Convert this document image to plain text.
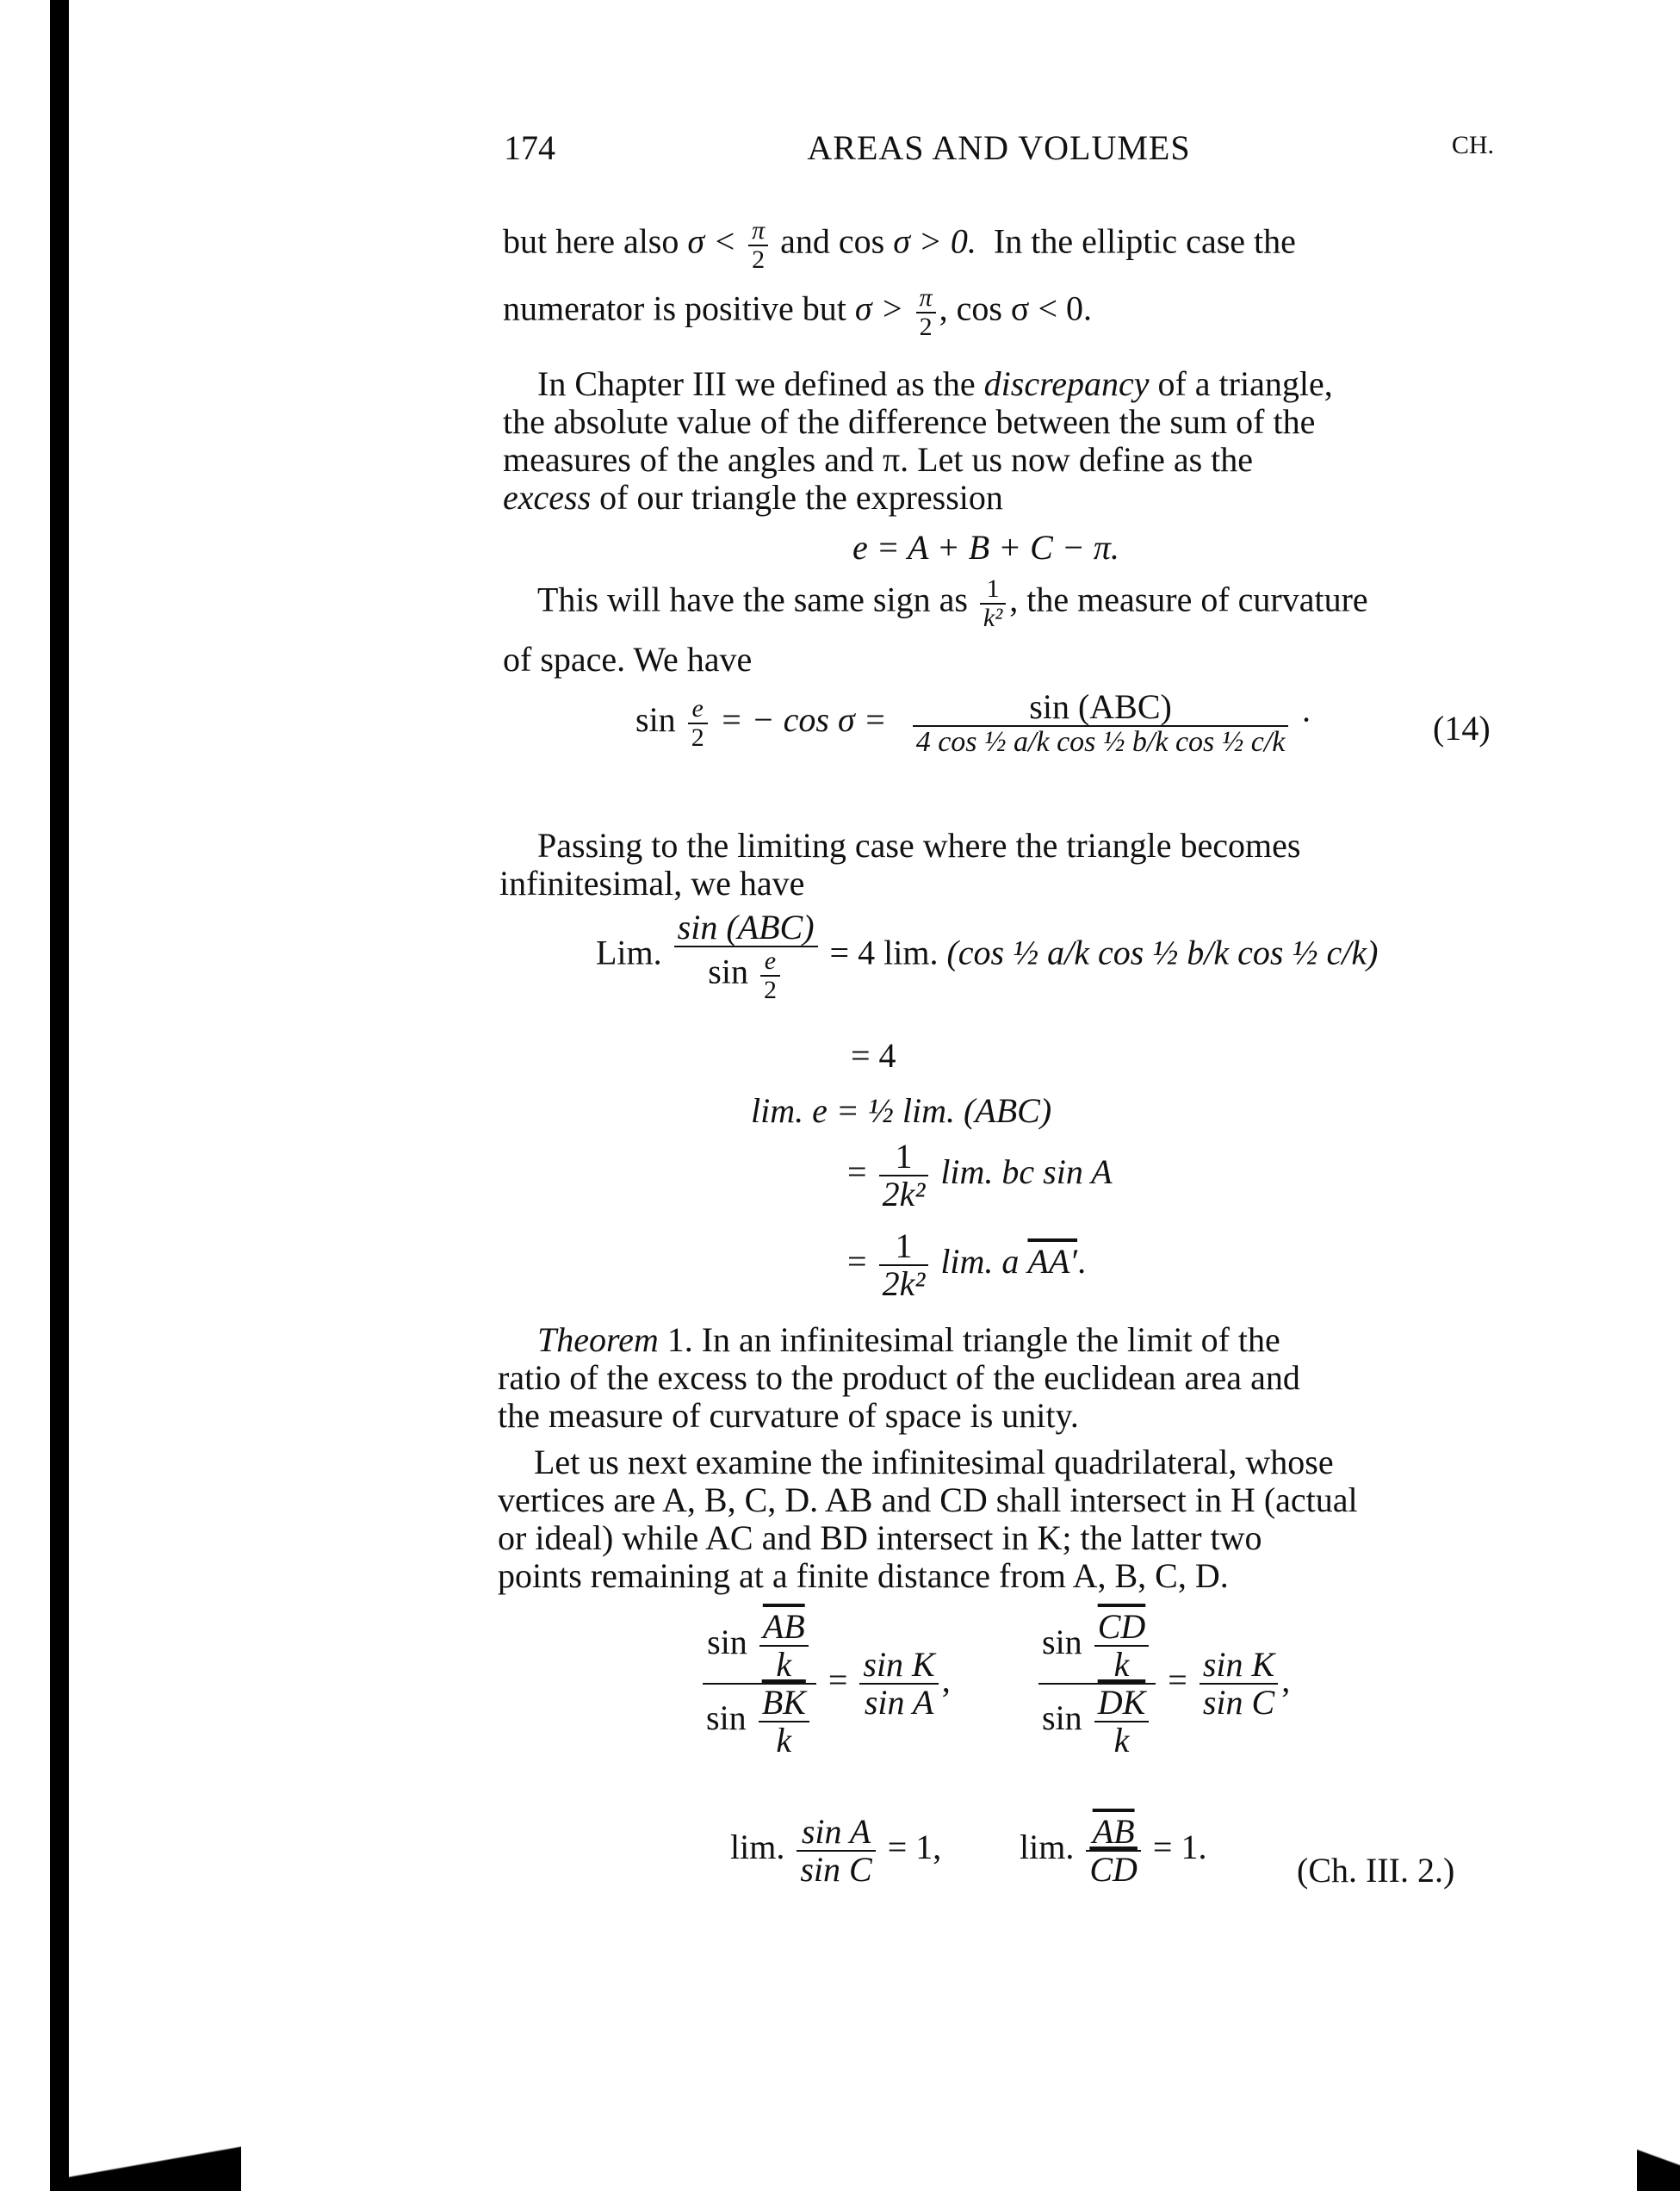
174	AREAS AND VOLUMES	CH.
but here also $\sigma < \frac{\pi}{2}$ and cos σ > 0. In the elliptic case the
numerator is positive but $\sigma > \frac{\pi}{2}$ , cos σ < 0.
In Chapter III we defined as the discrepancy of a triangle,
the absolute value of the difference between the sum of the
measures of the angles and π. Let us now define as the
excess of our triangle the expression
e = A + B + C − π.
This will have the same sign as $\frac{1}{\text{k²}}$ , the measure of curvature
of space. We have
$\sin \frac{e}{2}$ = − $\cos \sigma = \frac{\text{sin (ABC)}}{\text{4 cos ½ a/k cos ½ b/k cos ½ c/k}}$ ·	(14)
Passing to the limiting case where the triangle becomes
infinitesimal, we have
Lim. $\frac{\text{sin (ABC)}}{\sin \frac{e}{2}} = 4$ lim. (cos ½ a/k cos ½ b/k cos ½ c/k)
= 4
lim. e = ½ lim. (ABC)
= $\frac{1}{\text{2k²}} \lim$. bc sin A
= $\frac{1}{\text{2k²}} \lim$. a AA′.
Theorem 1. In an infinitesimal triangle the limit of the
ratio of the excess to the product of the euclidean area and
the measure of curvature of space is unity.
Let us next examine the infinitesimal quadrilateral, whose
vertices are A, B, C, D. AB and CD shall intersect in H (actual
or ideal) while AC and BD intersect in K; the latter two
points remaining at a finite distance from A, B, C, D.
$\frac{\sin \frac{\overline{AB}}{k}}{\sin \frac{\overline{BK}}{k}} = \frac{\text{sin K}}{\text{sin A}}$ ,	$\frac{\sin \frac{\overline{CD}}{k}}{\sin \frac{\overline{DK}}{k}} = \frac{\text{sin K}}{\text{sin C}}$ ,
lim. $\frac{\text{sin A}}{\text{sin C}} = 1$, lim. $\frac{\overline{AB}}{CD} = 1$.
(Ch. III. 2.)
